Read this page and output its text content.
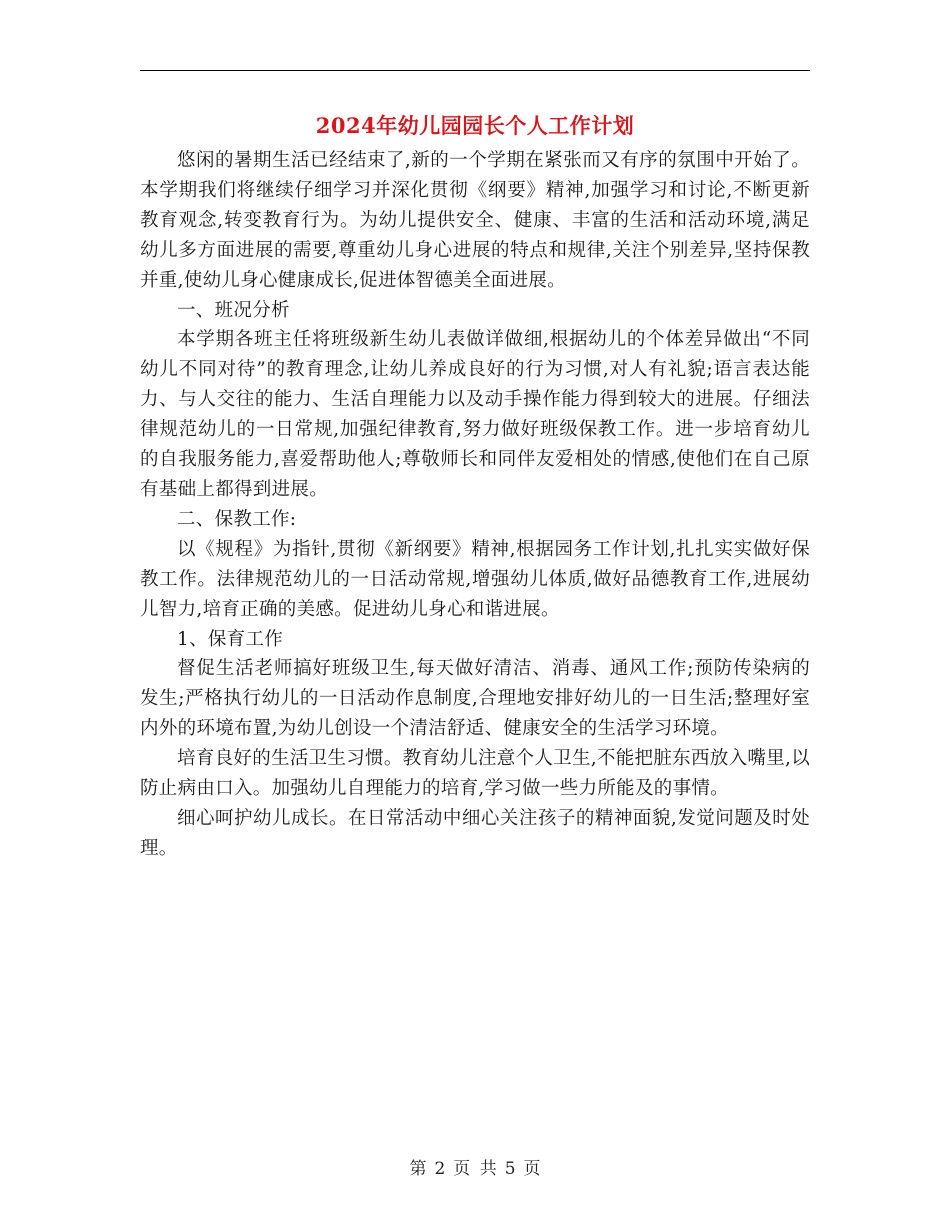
2024年幼儿园园长个人工作计划

悠闲的暑期生活已经结束了,新的一个学期在紧张而又有序的氛围中开始了。本学期我们将继续仔细学习并深化贯彻《纲要》精神,加强学习和讨论,不断更新教育观念,转变教育行为。为幼儿提供安全、健康、丰富的生活和活动环境,满足幼儿多方面进展的需要,尊重幼儿身心进展的特点和规律,关注个别差异,坚持保教并重,使幼儿身心健康成长,促进体智德美全面进展。

一、班况分析

本学期各班主任将班级新生幼儿表做详做细,根据幼儿的个体差异做出“不同幼儿不同对待”的教育理念,让幼儿养成良好的行为习惯,对人有礼貌;语言表达能力、与人交往的能力、生活自理能力以及动手操作能力得到较大的进展。仔细法律规范幼儿的一日常规,加强纪律教育,努力做好班级保教工作。进一步培育幼儿的自我服务能力,喜爱帮助他人;尊敬师长和同伴友爱相处的情感,使他们在自己原有基础上都得到进展。

二、保教工作:

以《规程》为指针,贯彻《新纲要》精神,根据园务工作计划,扎扎实实做好保教工作。法律规范幼儿的一日活动常规,增强幼儿体质,做好品德教育工作,进展幼儿智力,培育正确的美感。促进幼儿身心和谐进展。

1、保育工作

督促生活老师搞好班级卫生,每天做好清洁、消毒、通风工作;预防传染病的发生;严格执行幼儿的一日活动作息制度,合理地安排好幼儿的一日生活;整理好室内外的环境布置,为幼儿创设一个清洁舒适、健康安全的生活学习环境。

培育良好的生活卫生习惯。教育幼儿注意个人卫生,不能把脏东西放入嘴里,以防止病由口入。加强幼儿自理能力的培育,学习做一些力所能及的事情。

细心呵护幼儿成长。在日常活动中细心关注孩子的精神面貌,发觉问题及时处理。

第 2 页 共 5 页
